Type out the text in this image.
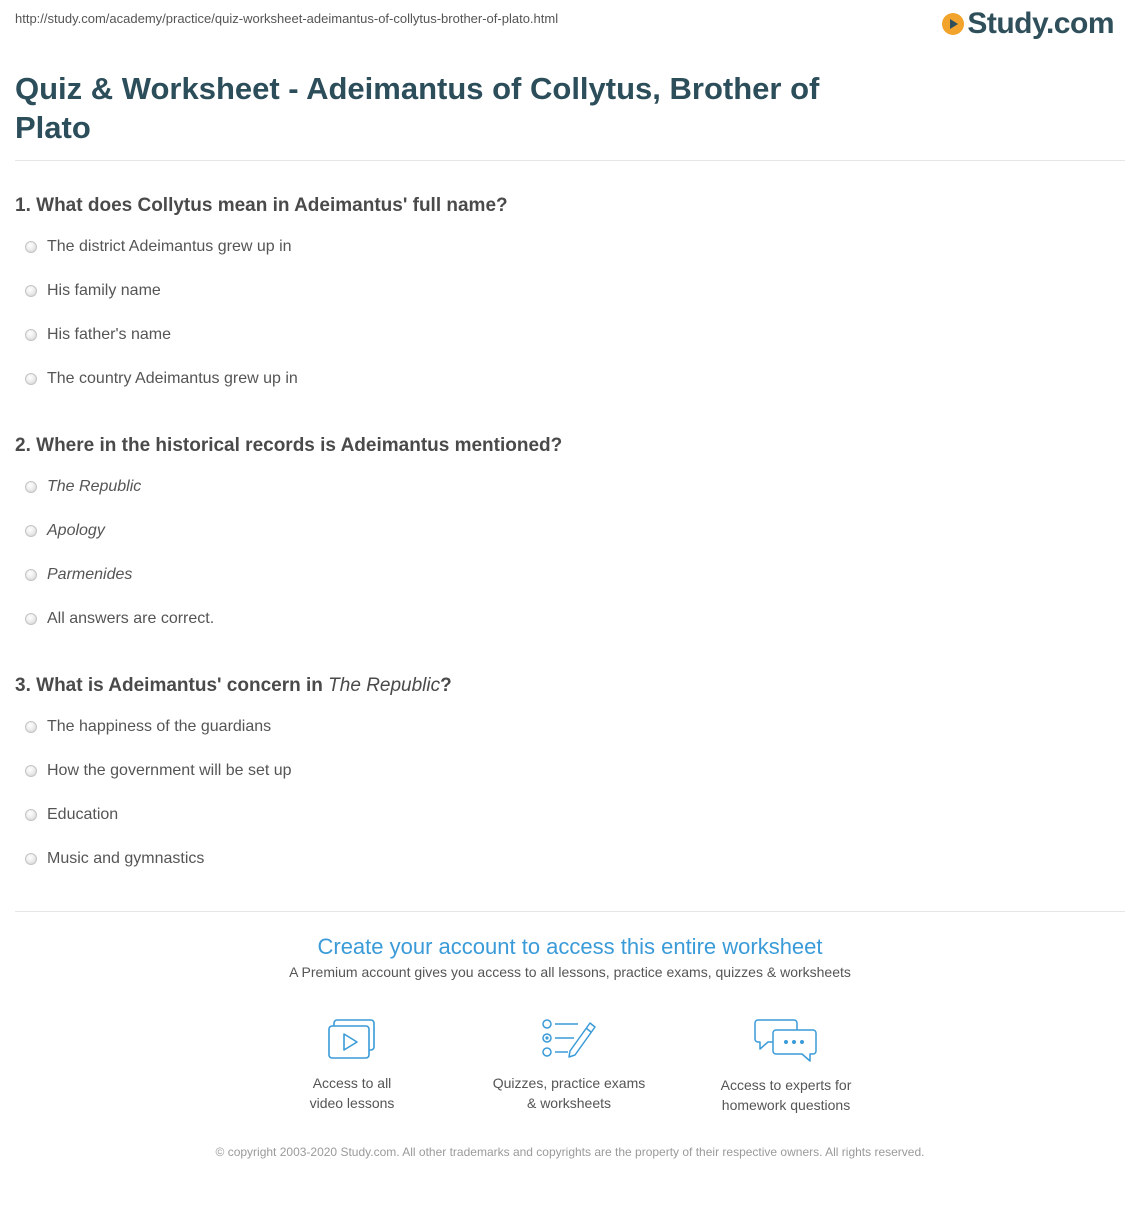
http://study.com/academy/practice/quiz-worksheet-adeimantus-of-collytus-brother-of-plato.html	Study.com
Quiz & Worksheet - Adeimantus of Collytus, Brother of Plato
1. What does Collytus mean in Adeimantus' full name?
The district Adeimantus grew up in
His family name
His father's name
The country Adeimantus grew up in
2. Where in the historical records is Adeimantus mentioned?
The Republic
Apology
Parmenides
All answers are correct.
3. What is Adeimantus' concern in The Republic?
The happiness of the guardians
How the government will be set up
Education
Music and gymnastics
Create your account to access this entire worksheet
A Premium account gives you access to all lessons, practice exams, quizzes & worksheets
Access to all
video lessons
Quizzes, practice exams
& worksheets
Access to experts for
homework questions
© copyright 2003-2020 Study.com. All other trademarks and copyrights are the property of their respective owners. All rights reserved.
